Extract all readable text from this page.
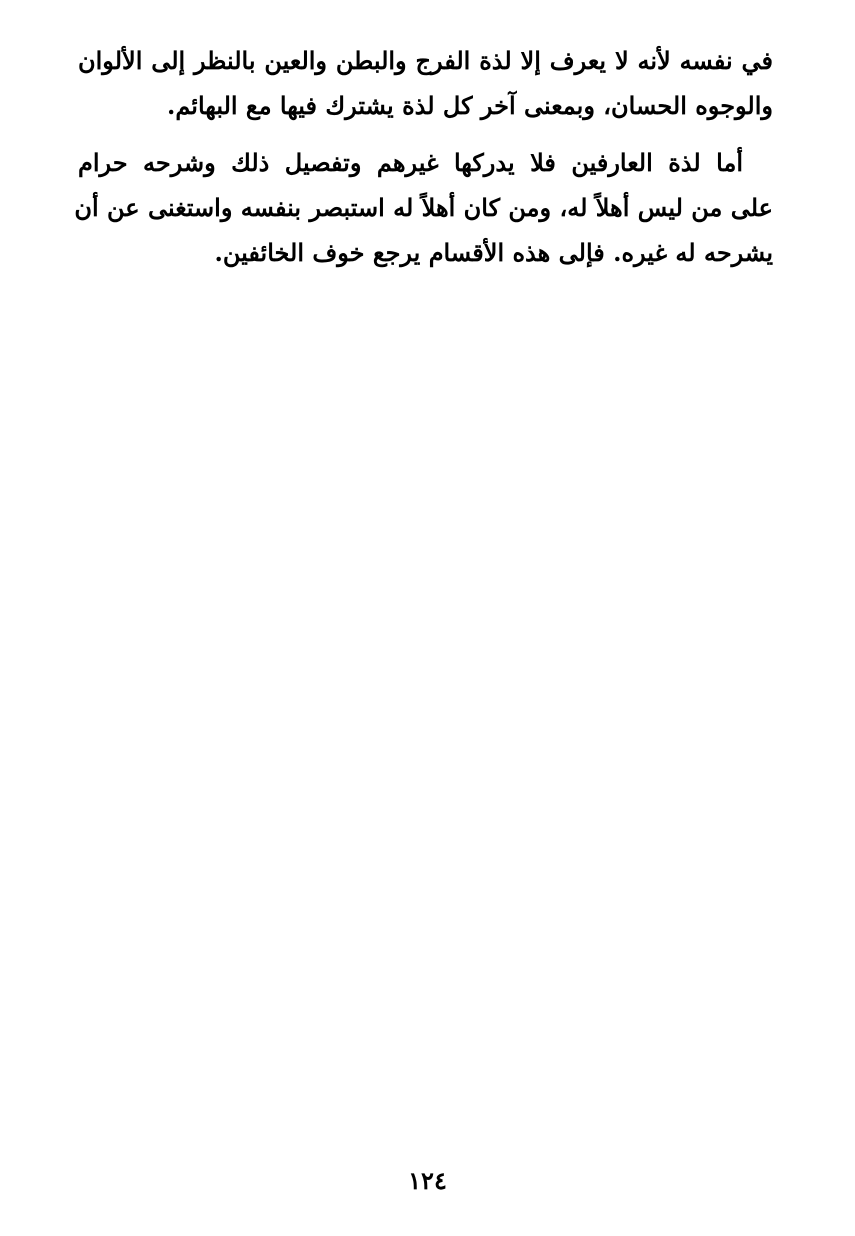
في نفسه لأنه لا يعرف إلا لذة الفرج والبطن والعين بالنظر إلى الألوان
والوجوه الحسان، وبمعنى آخر كل لذة يشترك فيها مع البهائم.

أما لذة العارفين فلا يدركها غيرهم وتفصيل ذلك وشرحه حرام
على من ليس أهلاً له، ومن كان أهلاً له استبصر بنفسه واستغنى عن أن
يشرحه له غيره. فإلى هذه الأقسام يرجع خوف الخائفين.

١٢٤
